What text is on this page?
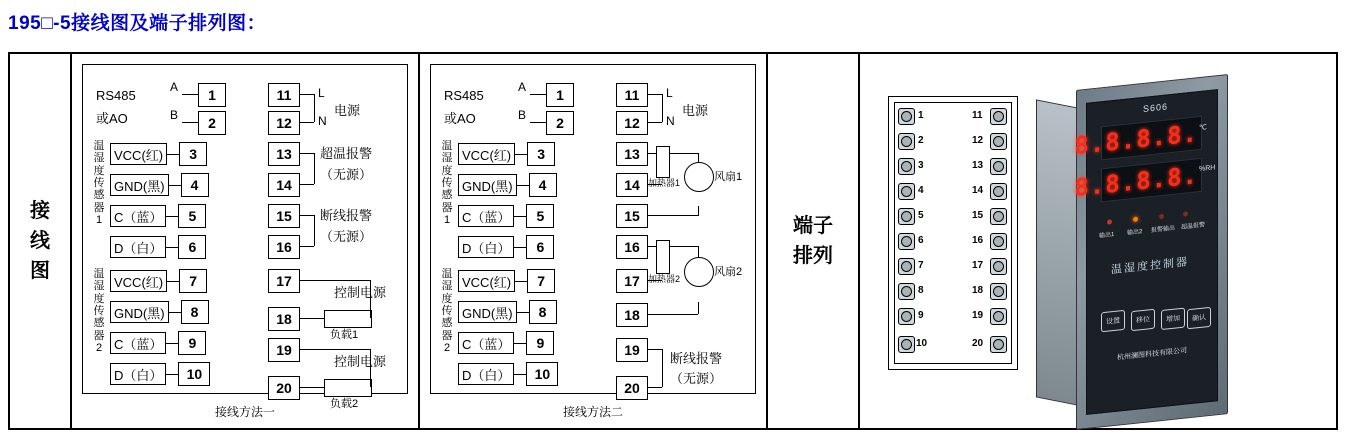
195□-5接线图及端子排列图：
接
线
图
RS485
或AO
A
B
1
2
温
湿
度
传
感
器
1
VCC(红)	3
GND(黑)	4
C（蓝）	5
D（白）	6
温
湿
度
传
感
器
2
VCC(红)	7
GND(黑)	8
C（蓝）	9
D（白）	10
11
12
L
N
电源
13
14
超温报警
（无源）
15
16
断线报警
（无源）
17
18
负载1
控制电源
19
20
负载2
控制电源
接线方法一
RS485
或AO
A
B
1
2
温
湿
度
传
感
器
1
VCC(红)	3
GND(黑)	4
C（蓝）	5
D（白）	6
温
湿
度
传
感
器
2
VCC(红)	7
GND(黑)	8
C（蓝）	9
D（白）	10
11
12
L
N
电源
13
14
15
加热器1	风扇1
16
17
18
加热器2
风扇2
19
20
断线报警
（无源）
接线方法二
端子
排列
1	11
2	12
3	13
4	14
5	15
6	16
7	17
8	18
9	19
10	20
S606
8.8.8.8. ℃
8.8.8.8. %RH
输出1 输出2 报警输出 超温报警
温湿度控制器
设置	移位	增加	确认
杭州澜图科技有限公司
